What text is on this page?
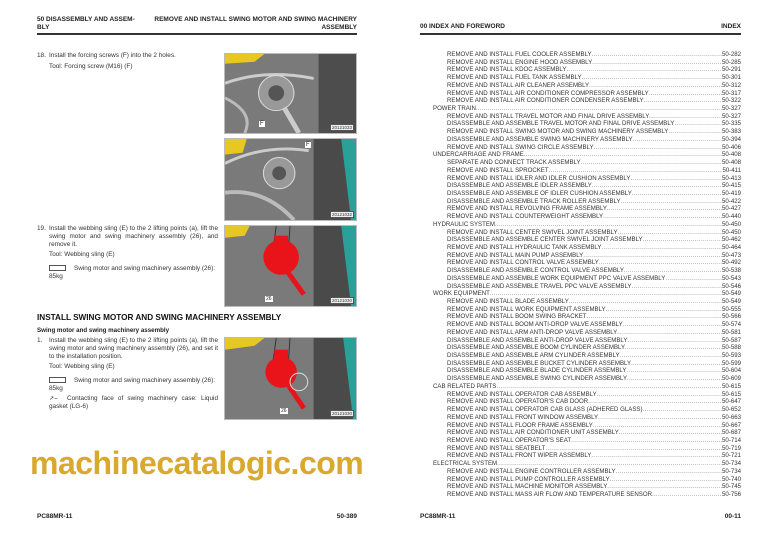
50 DISASSEMBLY AND ASSEM-
BLY
REMOVE AND INSTALL SWING MOTOR AND SWING MACHINERY
ASSEMBLY
18. Install the forcing screws (F) into the 2 holes.
Tool: Forcing screw (M16) (F)
19. Install the webbing sling (E) to the 2 lifting points (a), lift the swing motor and swing machinery assembly (26), and remove it.
Tool: Webbing sling (E)
Swing motor and swing machinery assembly (26):
85kg
INSTALL SWING MOTOR AND SWING MACHINERY ASSEMBLY
Swing motor and swing machinery assembly
1. Install the webbing sling (E) to the 2 lifting points (a), lift the swing motor and swing machinery assembly (26), and set it to the installation position.
Tool: Webbing sling (E)
Swing motor and swing machinery assembly (26):
85kg
↗⌢ Contacting face of swing machinery case: Liquid gasket (LG-6)
F
20121033
F
20121032
26	20121030
26	20121030
PC88MR-11	50-389
00 INDEX AND FOREWORD	INDEX
REMOVE AND INSTALL FUEL COOLER ASSEMBLY .....	50-282
REMOVE AND INSTALL ENGINE HOOD ASSEMBLY .....	50-285
REMOVE AND INSTALL KDOC ASSEMBLY .....	50-291
REMOVE AND INSTALL FUEL TANK ASSEMBLY .....	50-301
REMOVE AND INSTALL AIR CLEANER ASSEMBLY .....	50-312
REMOVE AND INSTALL AIR CONDITIONER COMPRESSOR ASSEMBLY .....	50-317
REMOVE AND INSTALL AIR CONDITIONER CONDENSER ASSEMBLY .....	50-322
POWER TRAIN .....	50-327
REMOVE AND INSTALL TRAVEL MOTOR AND FINAL DRIVE ASSEMBLY .....	50-327
DISASSEMBLE AND ASSEMBLE TRAVEL MOTOR AND FINAL DRIVE ASSEMBLY .....	50-335
REMOVE AND INSTALL SWING MOTOR AND SWING MACHINERY ASSEMBLY .....	50-383
DISASSEMBLE AND ASSEMBLE SWING MACHINERY ASSEMBLY .....	50-394
REMOVE AND INSTALL SWING CIRCLE ASSEMBLY .....	50-406
UNDERCARRIAGE AND FRAME .....	50-408
SEPARATE AND CONNECT TRACK ASSEMBLY .....	50-408
REMOVE AND INSTALL SPROCKET .....	50-411
REMOVE AND INSTALL IDLER AND IDLER CUSHION ASSEMBLY .....	50-413
DISASSEMBLE AND ASSEMBLE IDLER ASSEMBLY .....	50-415
DISASSEMBLE AND ASSEMBLE OF IDLER CUSHION ASSEMBLY .....	50-419
DISASSEMBLE AND ASSEMBLE TRACK ROLLER ASSEMBLY .....	50-422
REMOVE AND INSTALL REVOLVING FRAME ASSEMBLY .....	50-427
REMOVE AND INSTALL COUNTERWEIGHT ASSEMBLY .....	50-440
HYDRAULIC SYSTEM .....	50-450
REMOVE AND INSTALL CENTER SWIVEL JOINT ASSEMBLY .....	50-450
DISASSEMBLE AND ASSEMBLE CENTER SWIVEL JOINT ASSEMBLY .....	50-462
REMOVE AND INSTALL HYDRAULIC TANK ASSEMBLY .....	50-464
REMOVE AND INSTALL MAIN PUMP ASSEMBLY .....	50-473
REMOVE AND INSTALL CONTROL VALVE ASSEMBLY .....	50-492
DISASSEMBLE AND ASSEMBLE CONTROL VALVE ASSEMBLY .....	50-538
DISASSEMBLE AND ASSEMBLE WORK EQUIPMENT PPC VALVE ASSEMBLY .....	50-543
DISASSEMBLE AND ASSEMBLE TRAVEL PPC VALVE ASSEMBLY .....	50-546
WORK EQUIPMENT .....	50-549
REMOVE AND INSTALL BLADE ASSEMBLY .....	50-549
REMOVE AND INSTALL WORK EQUIPMENT ASSEMBLY .....	50-555
REMOVE AND INSTALL BOOM SWING BRACKET .....	50-566
REMOVE AND INSTALL BOOM ANTI-DROP VALVE ASSEMBLY .....	50-574
REMOVE AND INSTALL ARM ANTI-DROP VALVE ASSEMBLY .....	50-581
DISASSEMBLE AND ASSEMBLE ANTI-DROP VALVE ASSEMBLY .....	50-587
DISASSEMBLE AND ASSEMBLE BOOM CYLINDER ASSEMBLY .....	50-588
DISASSEMBLE AND ASSEMBLE ARM CYLINDER ASSEMBLY .....	50-593
DISASSEMBLE AND ASSEMBLE BUCKET CYLINDER ASSEMBLY .....	50-599
DISASSEMBLE AND ASSEMBLE BLADE CYLINDER ASSEMBLY .....	50-604
DISASSEMBLE AND ASSEMBLE SWING CYLINDER ASSEMBLY .....	50-609
CAB RELATED PARTS .....	50-615
REMOVE AND INSTALL OPERATOR CAB ASSEMBLY .....	50-615
REMOVE AND INSTALL OPERATOR'S CAB DOOR .....	50-647
REMOVE AND INSTALL OPERATOR CAB GLASS (ADHERED GLASS) .....	50-652
REMOVE AND INSTALL FRONT WINDOW ASSEMBLY .....	50-663
REMOVE AND INSTALL FLOOR FRAME ASSEMBLY .....	50-667
REMOVE AND INSTALL AIR CONDITIONER UNIT ASSEMBLY .....	50-687
REMOVE AND INSTALL OPERATOR'S SEAT .....	50-714
REMOVE AND INSTALL SEATBELT .....	50-719
REMOVE AND INSTALL FRONT WIPER ASSEMBLY .....	50-721
ELECTRICAL SYSTEM .....	50-734
REMOVE AND INSTALL ENGINE CONTROLLER ASSEMBLY .....	50-734
REMOVE AND INSTALL PUMP CONTROLLER ASSEMBLY .....	50-740
REMOVE AND INSTALL MACHINE MONITOR ASSEMBLY .....	50-745
REMOVE AND INSTALL MASS AIR FLOW AND TEMPERATURE SENSOR .....	50-756
PC88MR-11	00-11
machinecatalogic.com
